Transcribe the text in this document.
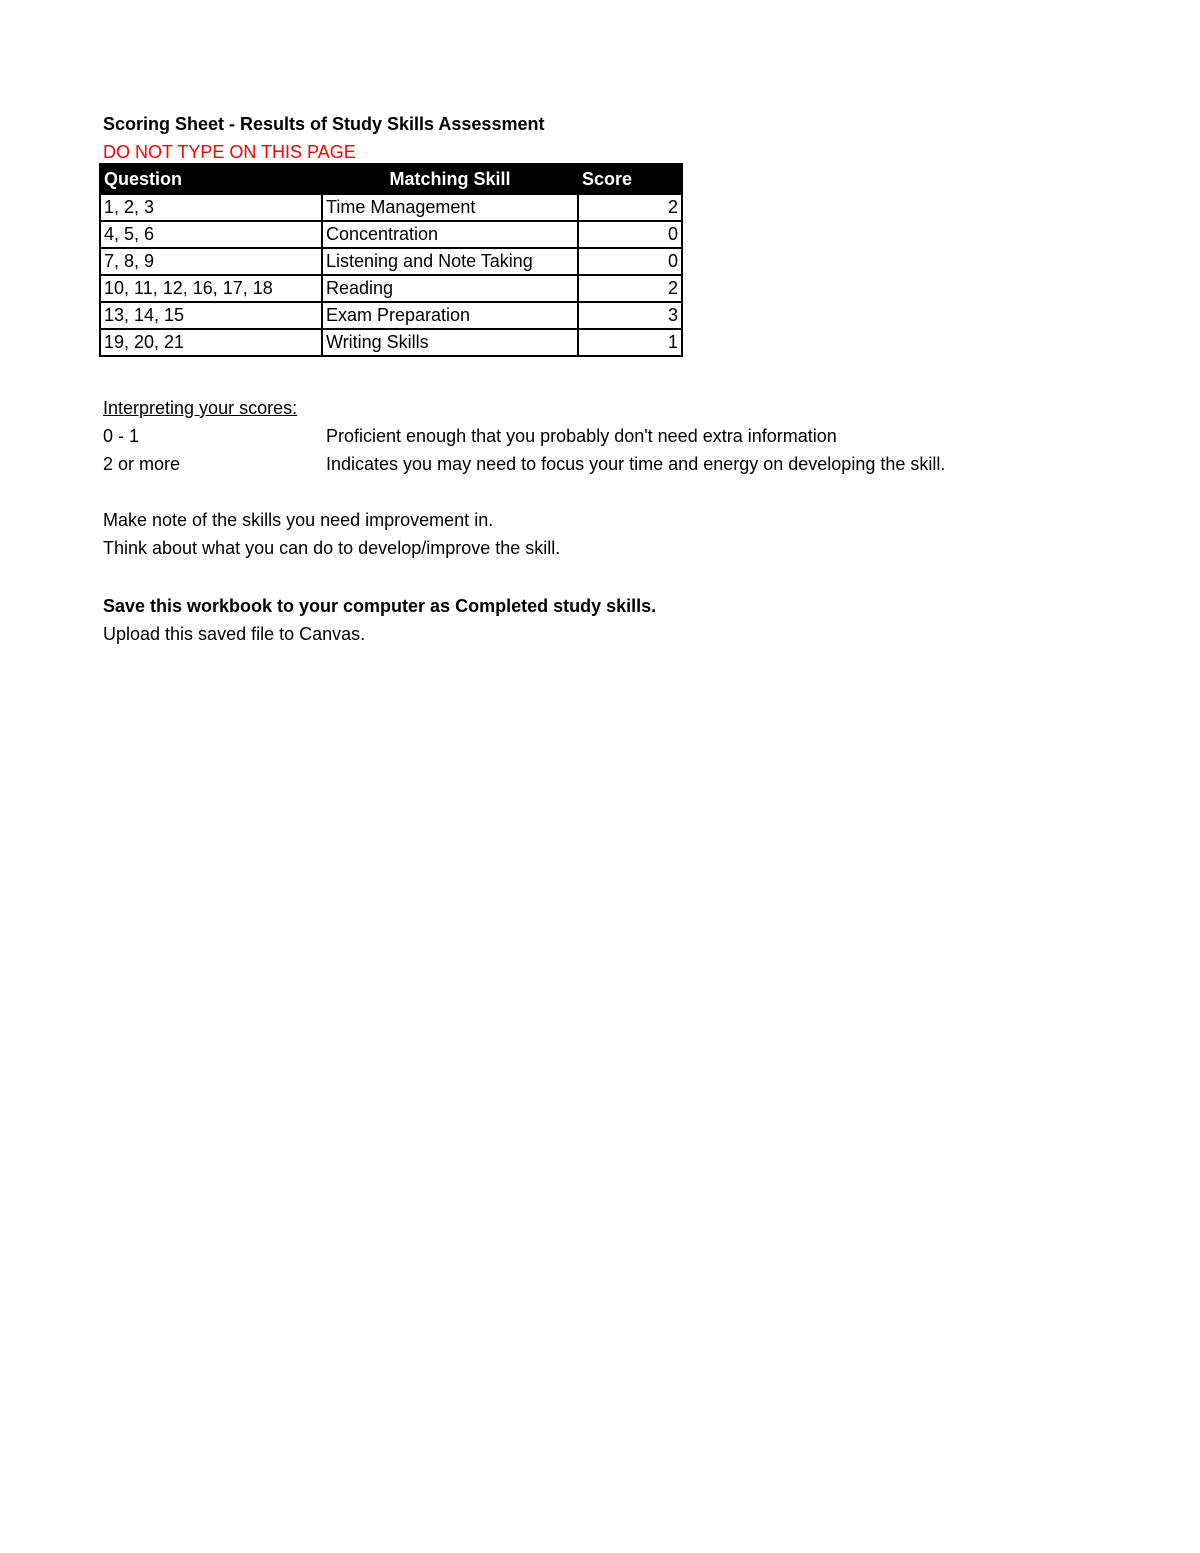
Scoring Sheet - Results of Study Skills Assessment
DO NOT TYPE ON THIS PAGE
Question	Matching Skill	Score
1, 2, 3	Time Management	2
4, 5, 6	Concentration	0
7, 8, 9	Listening and Note Taking	0
10, 11, 12, 16, 17, 18	Reading	2
13, 14, 15	Exam Preparation	3
19, 20, 21	Writing Skills	1
Interpreting your scores:
0 - 1	Proficient enough that you probably don't need extra information
2 or more	Indicates you may need to focus your time and energy on developing the skill.
Make note of the skills you need improvement in.
Think about what you can do to develop/improve the skill.
Save this workbook to your computer as Completed study skills.
Upload this saved file to Canvas.
